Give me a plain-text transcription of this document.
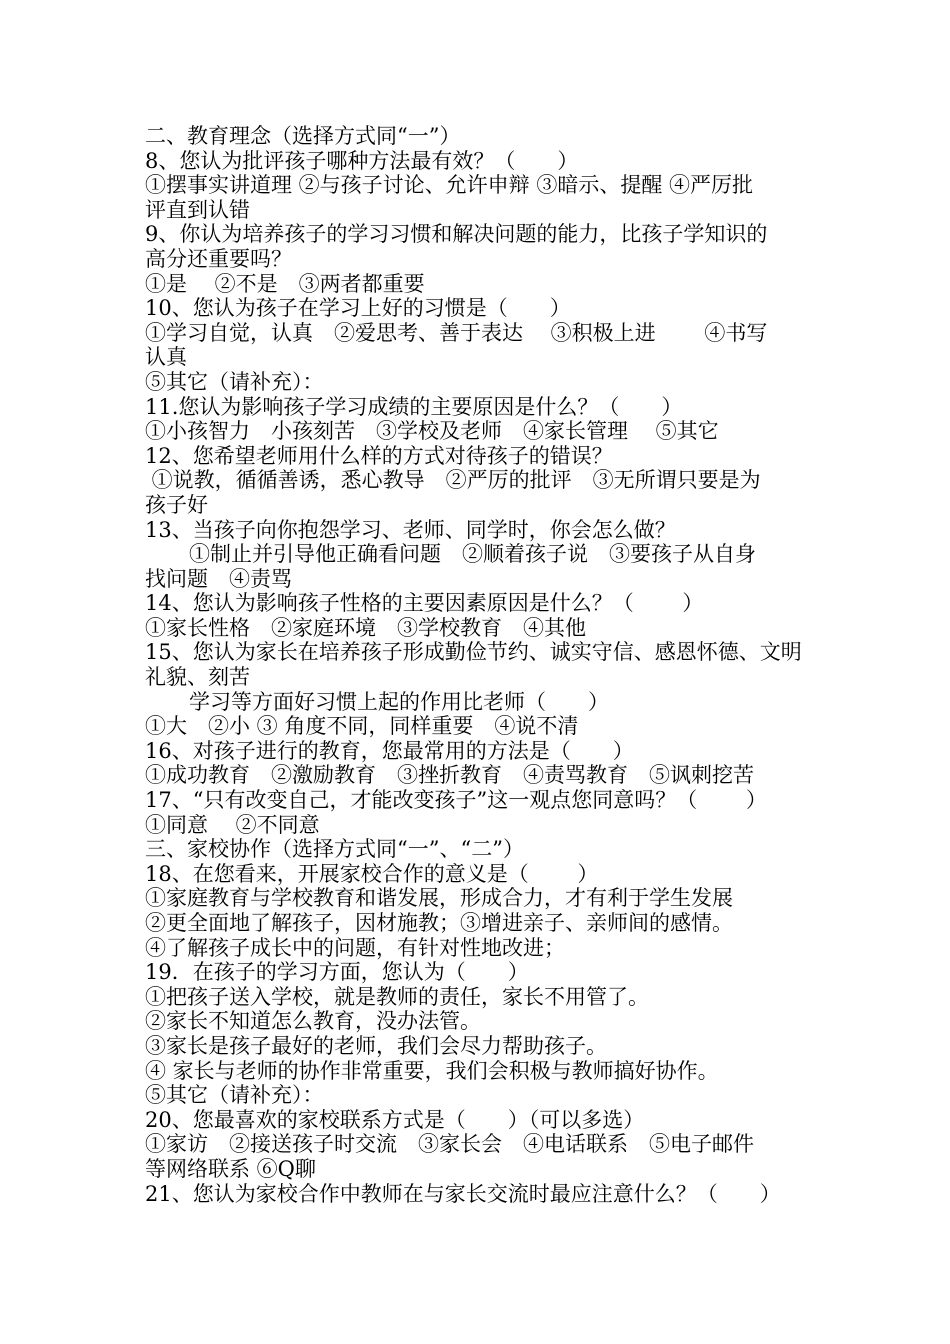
二、教育理念（选择方式同“一”）
8、您认为批评孩子哪种方法最有效？（　　）
①摆事实讲道理 ②与孩子讨论、允许申辩 ③暗示、提醒 ④严厉批
评直到认错
9、你认为培养孩子的学习习惯和解决问题的能力，比孩子学知识的
高分还重要吗？
①是　 ②不是　③两者都重要
10、您认为孩子在学习上好的习惯是（　　）
①学习自觉，认真　②爱思考、善于表达　 ③积极上进　　 ④书写
认真
⑤其它（请补充）：
11.您认为影响孩子学习成绩的主要原因是什么？（　　）
①小孩智力　小孩刻苦　③学校及老师　④家长管理　 ⑤其它
12、您希望老师用什么样的方式对待孩子的错误？
①说教，循循善诱，悉心教导　②严厉的批评　③无所谓只要是为
孩子好
13、当孩子向你抱怨学习、老师、同学时，你会怎么做？
①制止并引导他正确看问题　②顺着孩子说　③要孩子从自身
找问题　④责骂
14、您认为影响孩子性格的主要因素原因是什么？（　　 ）
①家长性格　②家庭环境　③学校教育　④其他
15、您认为家长在培养孩子形成勤俭节约、诚实守信、感恩怀德、文明
礼貌、刻苦
学习等方面好习惯上起的作用比老师（　　）
①大　②小 ③ 角度不同，同样重要　④说不清
16、对孩子进行的教育，您最常用的方法是（　　）
①成功教育　②激励教育　③挫折教育　④责骂教育　⑤讽刺挖苦
17、“只有改变自己，才能改变孩子”这一观点您同意吗？（　　 ）
①同意　 ②不同意
三、家校协作（选择方式同“一”、“二”）
18、在您看来，开展家校合作的意义是（　　 ）
①家庭教育与学校教育和谐发展，形成合力，才有利于学生发展
②更全面地了解孩子，因材施教；③增进亲子、亲师间的感情。
④了解孩子成长中的问题，有针对性地改进；
19．在孩子的学习方面，您认为（　　）
①把孩子送入学校，就是教师的责任，家长不用管了。
②家长不知道怎么教育，没办法管。
③家长是孩子最好的老师，我们会尽力帮助孩子。
④ 家长与老师的协作非常重要，我们会积极与教师搞好协作。
⑤其它（请补充）：
20、您最喜欢的家校联系方式是（　　）（可以多选）
①家访　②接送孩子时交流　③家长会　④电话联系　⑤电子邮件
等网络联系 ⑥Q聊
21、您认为家校合作中教师在与家长交流时最应注意什么？（　　）
